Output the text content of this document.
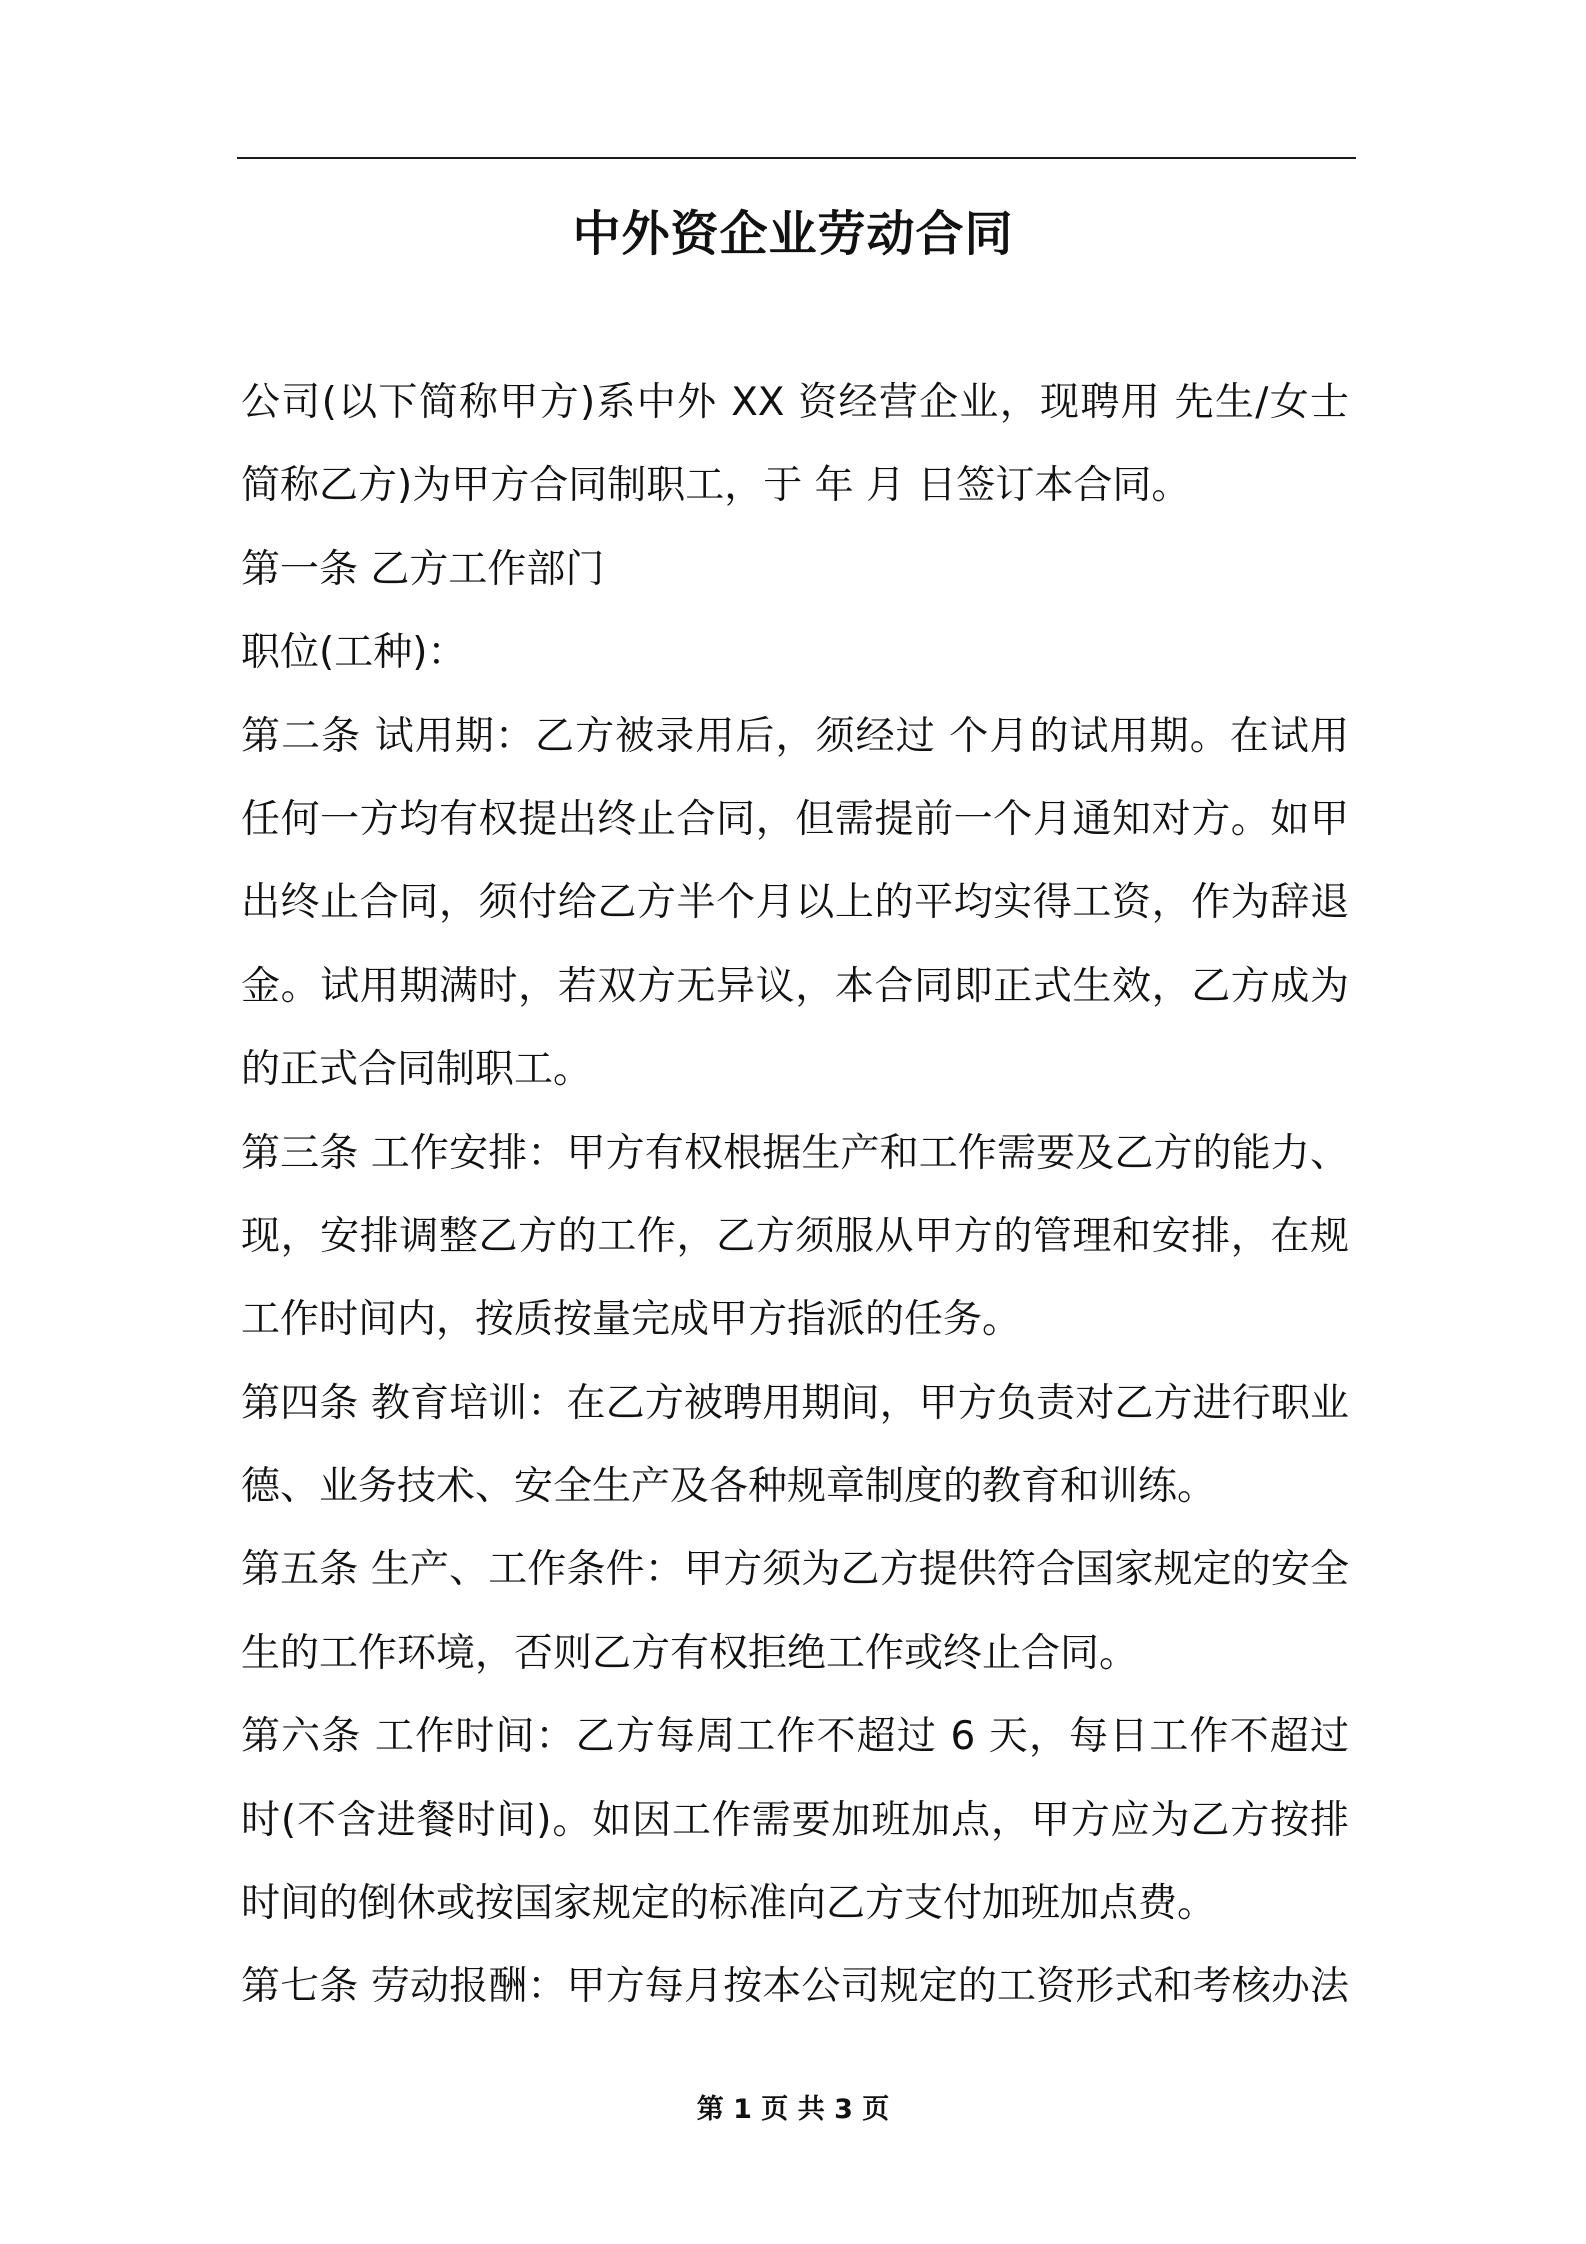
中外资企业劳动合同
公司(以下简称甲方)系中外 XX 资经营企业，现聘用 先生/女士
简称乙方)为甲方合同制职工，于 年 月 日签订本合同。
第一条 乙方工作部门
职位(工种)：
第二条 试用期：乙方被录用后，须经过 个月的试用期。在试用
任何一方均有权提出终止合同，但需提前一个月通知对方。如甲
出终止合同，须付给乙方半个月以上的平均实得工资，作为辞退
金。试用期满时，若双方无异议，本合同即正式生效，乙方成为
的正式合同制职工。
第三条 工作安排：甲方有权根据生产和工作需要及乙方的能力、
现，安排调整乙方的工作，乙方须服从甲方的管理和安排，在规
工作时间内，按质按量完成甲方指派的任务。
第四条 教育培训：在乙方被聘用期间，甲方负责对乙方进行职业
德、业务技术、安全生产及各种规章制度的教育和训练。
第五条 生产、工作条件：甲方须为乙方提供符合国家规定的安全
生的工作环境，否则乙方有权拒绝工作或终止合同。
第六条 工作时间：乙方每周工作不超过 6 天，每日工作不超过
时(不含进餐时间)。如因工作需要加班加点，甲方应为乙方按排
时间的倒休或按国家规定的标准向乙方支付加班加点费。
第七条 劳动报酬：甲方每月按本公司规定的工资形式和考核办法
第 1 页 共 3 页
